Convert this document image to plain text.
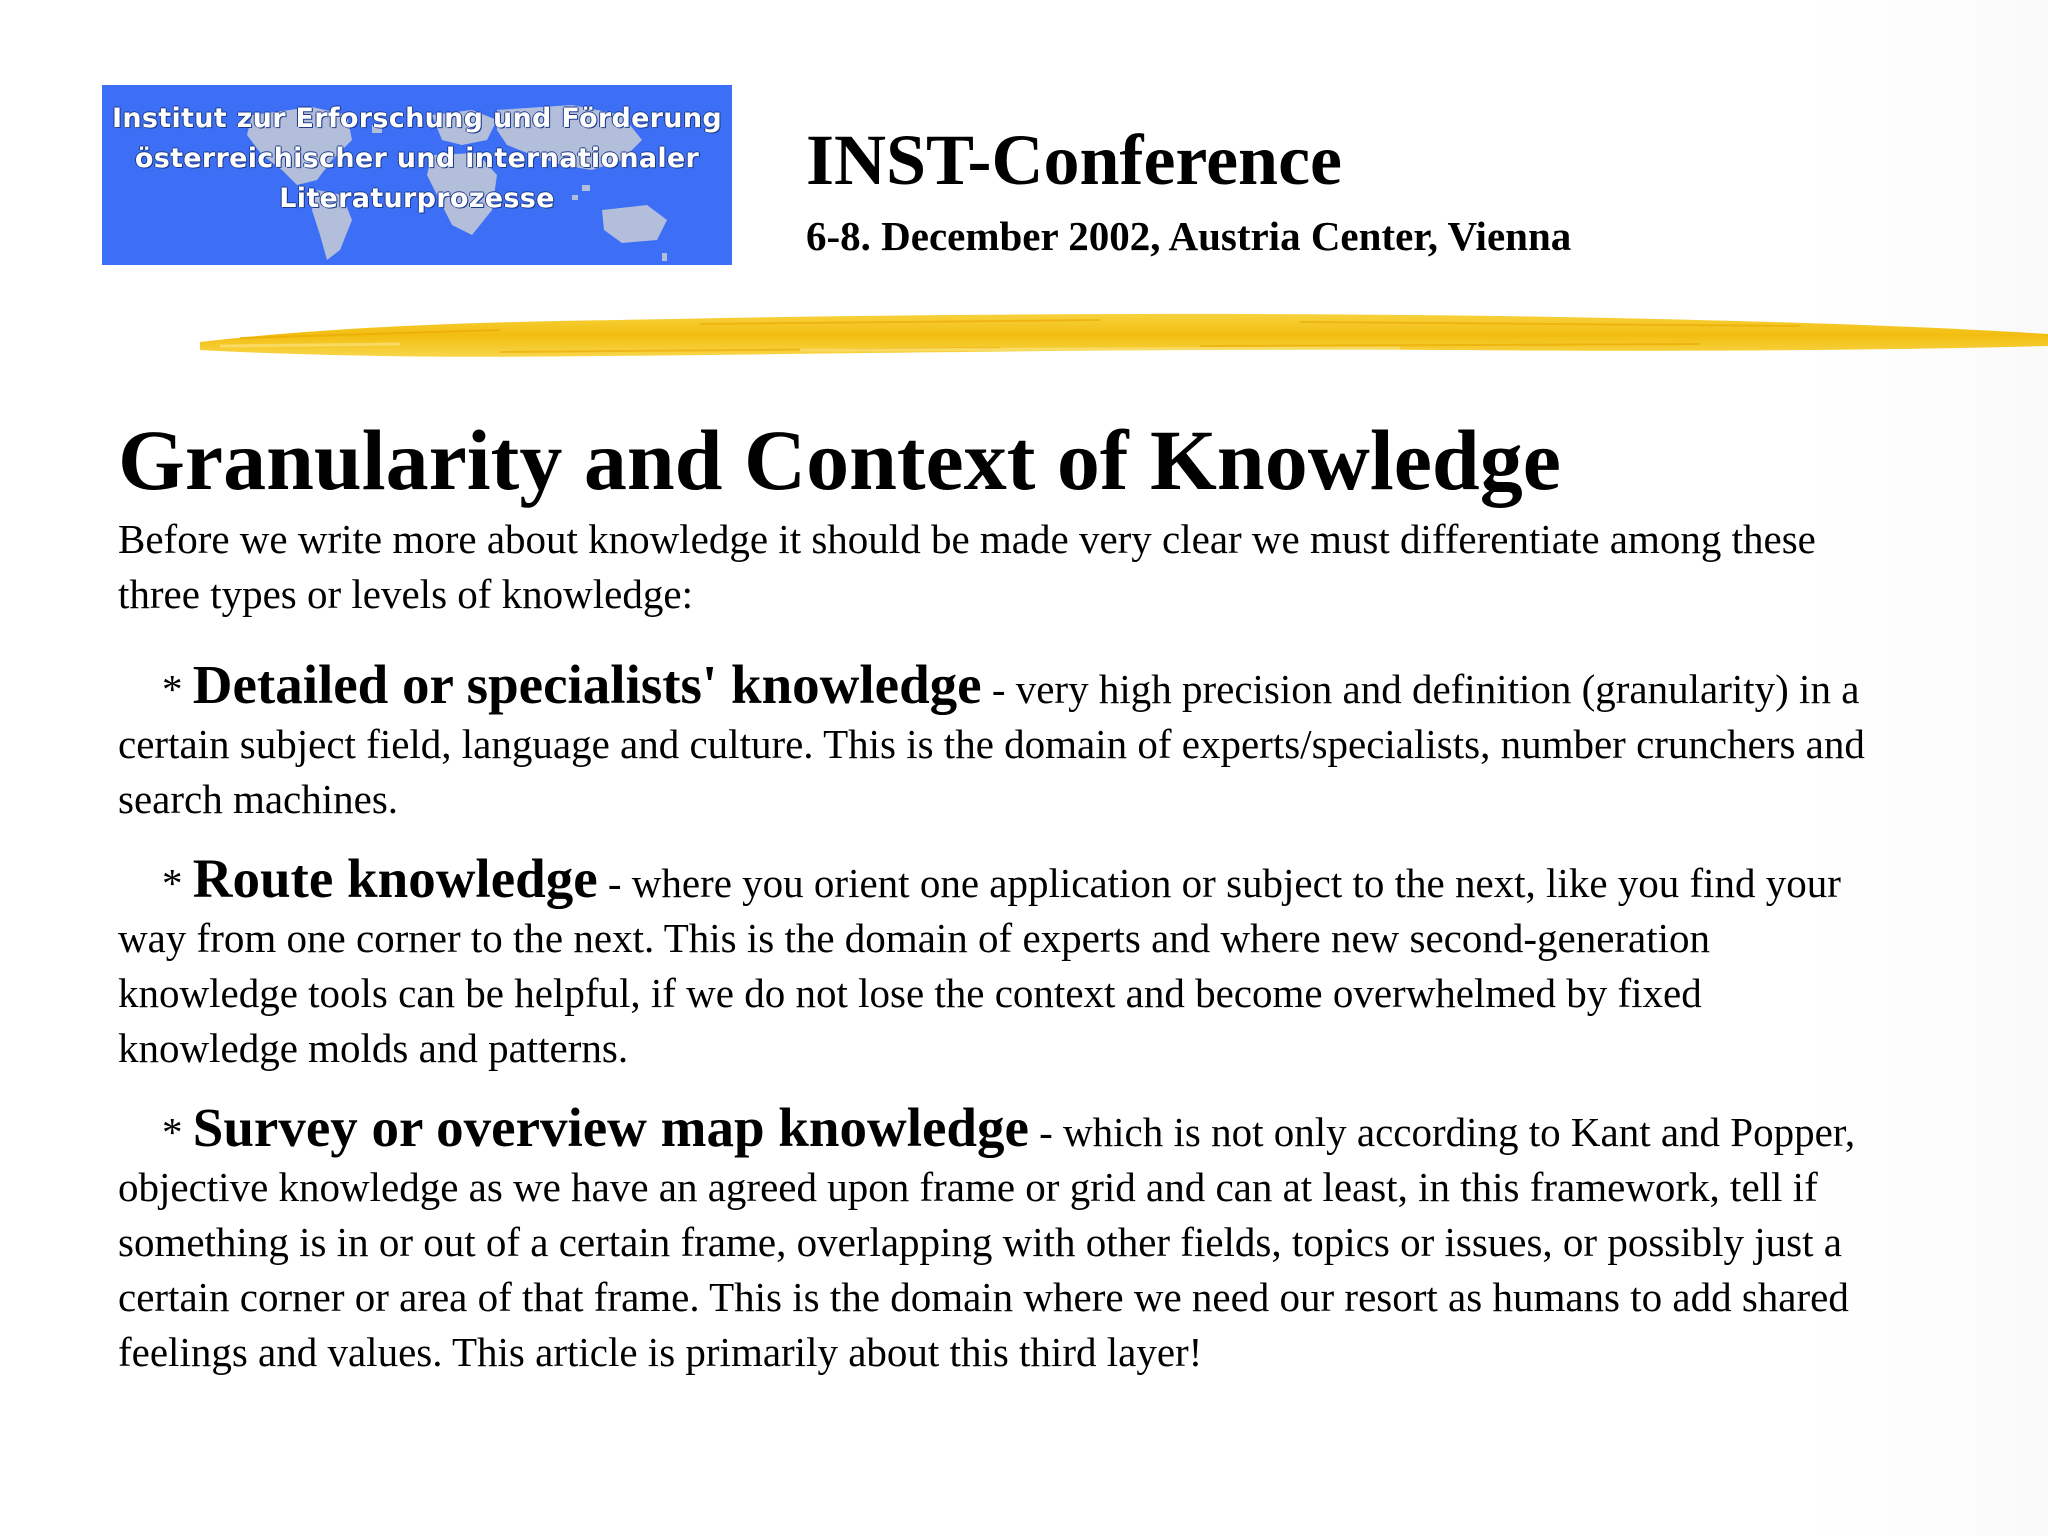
Institut zur Erforschung und Förderung
österreichischer und internationaler
Literaturprozesse	INST-Conference
6-8. December 2002, Austria Center, Vienna
Granularity and Context of Knowledge

Before we write more about knowledge it should be made very clear we must differentiate among these three types or levels of knowledge:

* Detailed or specialists' knowledge - very high precision and definition (granularity) in a certain subject field, language and culture. This is the domain of experts/specialists, number crunchers and search machines.

* Route knowledge - where you orient one application or subject to the next, like you find your way from one corner to the next. This is the domain of experts and where new second-generation knowledge tools can be helpful, if we do not lose the context and become overwhelmed by fixed knowledge molds and patterns.

* Survey or overview map knowledge - which is not only according to Kant and Popper, objective knowledge as we have an agreed upon frame or grid and can at least, in this framework, tell if something is in or out of a certain frame, overlapping with other fields, topics or issues, or possibly just a certain corner or area of that frame. This is the domain where we need our resort as humans to add shared feelings and values. This article is primarily about this third layer!
